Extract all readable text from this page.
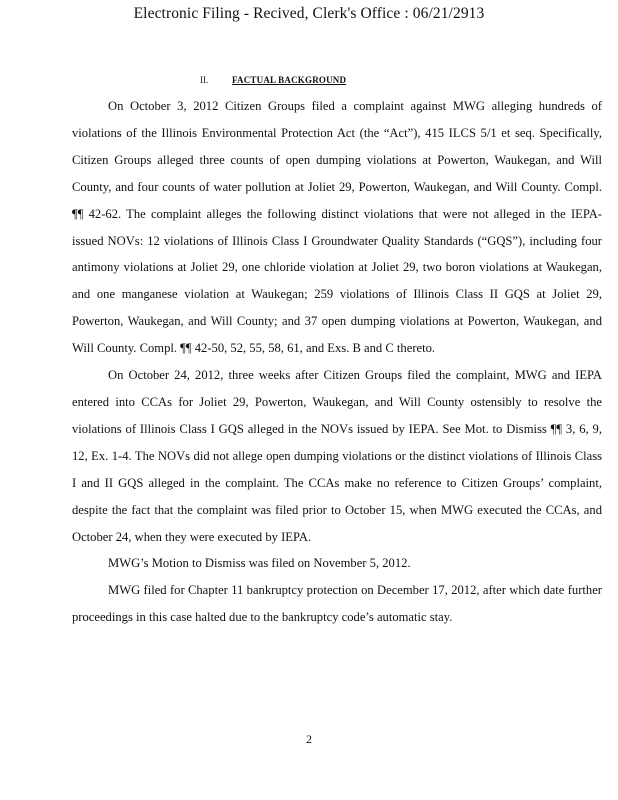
Electronic Filing - Recived, Clerk's Office : 06/21/2913
II.	FACTUAL BACKGROUND

On October 3, 2012 Citizen Groups filed a complaint against MWG alleging hundreds of violations of the Illinois Environmental Protection Act (the “Act”), 415 ILCS 5/1 et seq. Specifically, Citizen Groups alleged three counts of open dumping violations at Powerton, Waukegan, and Will County, and four counts of water pollution at Joliet 29, Powerton, Waukegan, and Will County. Compl. ¶¶ 42-62. The complaint alleges the following distinct violations that were not alleged in the IEPA-issued NOVs: 12 violations of Illinois Class I Groundwater Quality Standards (“GQS”), including four antimony violations at Joliet 29, one chloride violation at Joliet 29, two boron violations at Waukegan, and one manganese violation at Waukegan; 259 violations of Illinois Class II GQS at Joliet 29, Powerton, Waukegan, and Will County; and 37 open dumping violations at Powerton, Waukegan, and Will County. Compl. ¶¶ 42-50, 52, 55, 58, 61, and Exs. B and C thereto.

On October 24, 2012, three weeks after Citizen Groups filed the complaint, MWG and IEPA entered into CCAs for Joliet 29, Powerton, Waukegan, and Will County ostensibly to resolve the violations of Illinois Class I GQS alleged in the NOVs issued by IEPA. See Mot. to Dismiss ¶¶ 3, 6, 9, 12, Ex. 1-4. The NOVs did not allege open dumping violations or the distinct violations of Illinois Class I and II GQS alleged in the complaint. The CCAs make no reference to Citizen Groups’ complaint, despite the fact that the complaint was filed prior to October 15, when MWG executed the CCAs, and October 24, when they were executed by IEPA.

MWG’s Motion to Dismiss was filed on November 5, 2012.

MWG filed for Chapter 11 bankruptcy protection on December 17, 2012, after which date further proceedings in this case halted due to the bankruptcy code’s automatic stay.

2
